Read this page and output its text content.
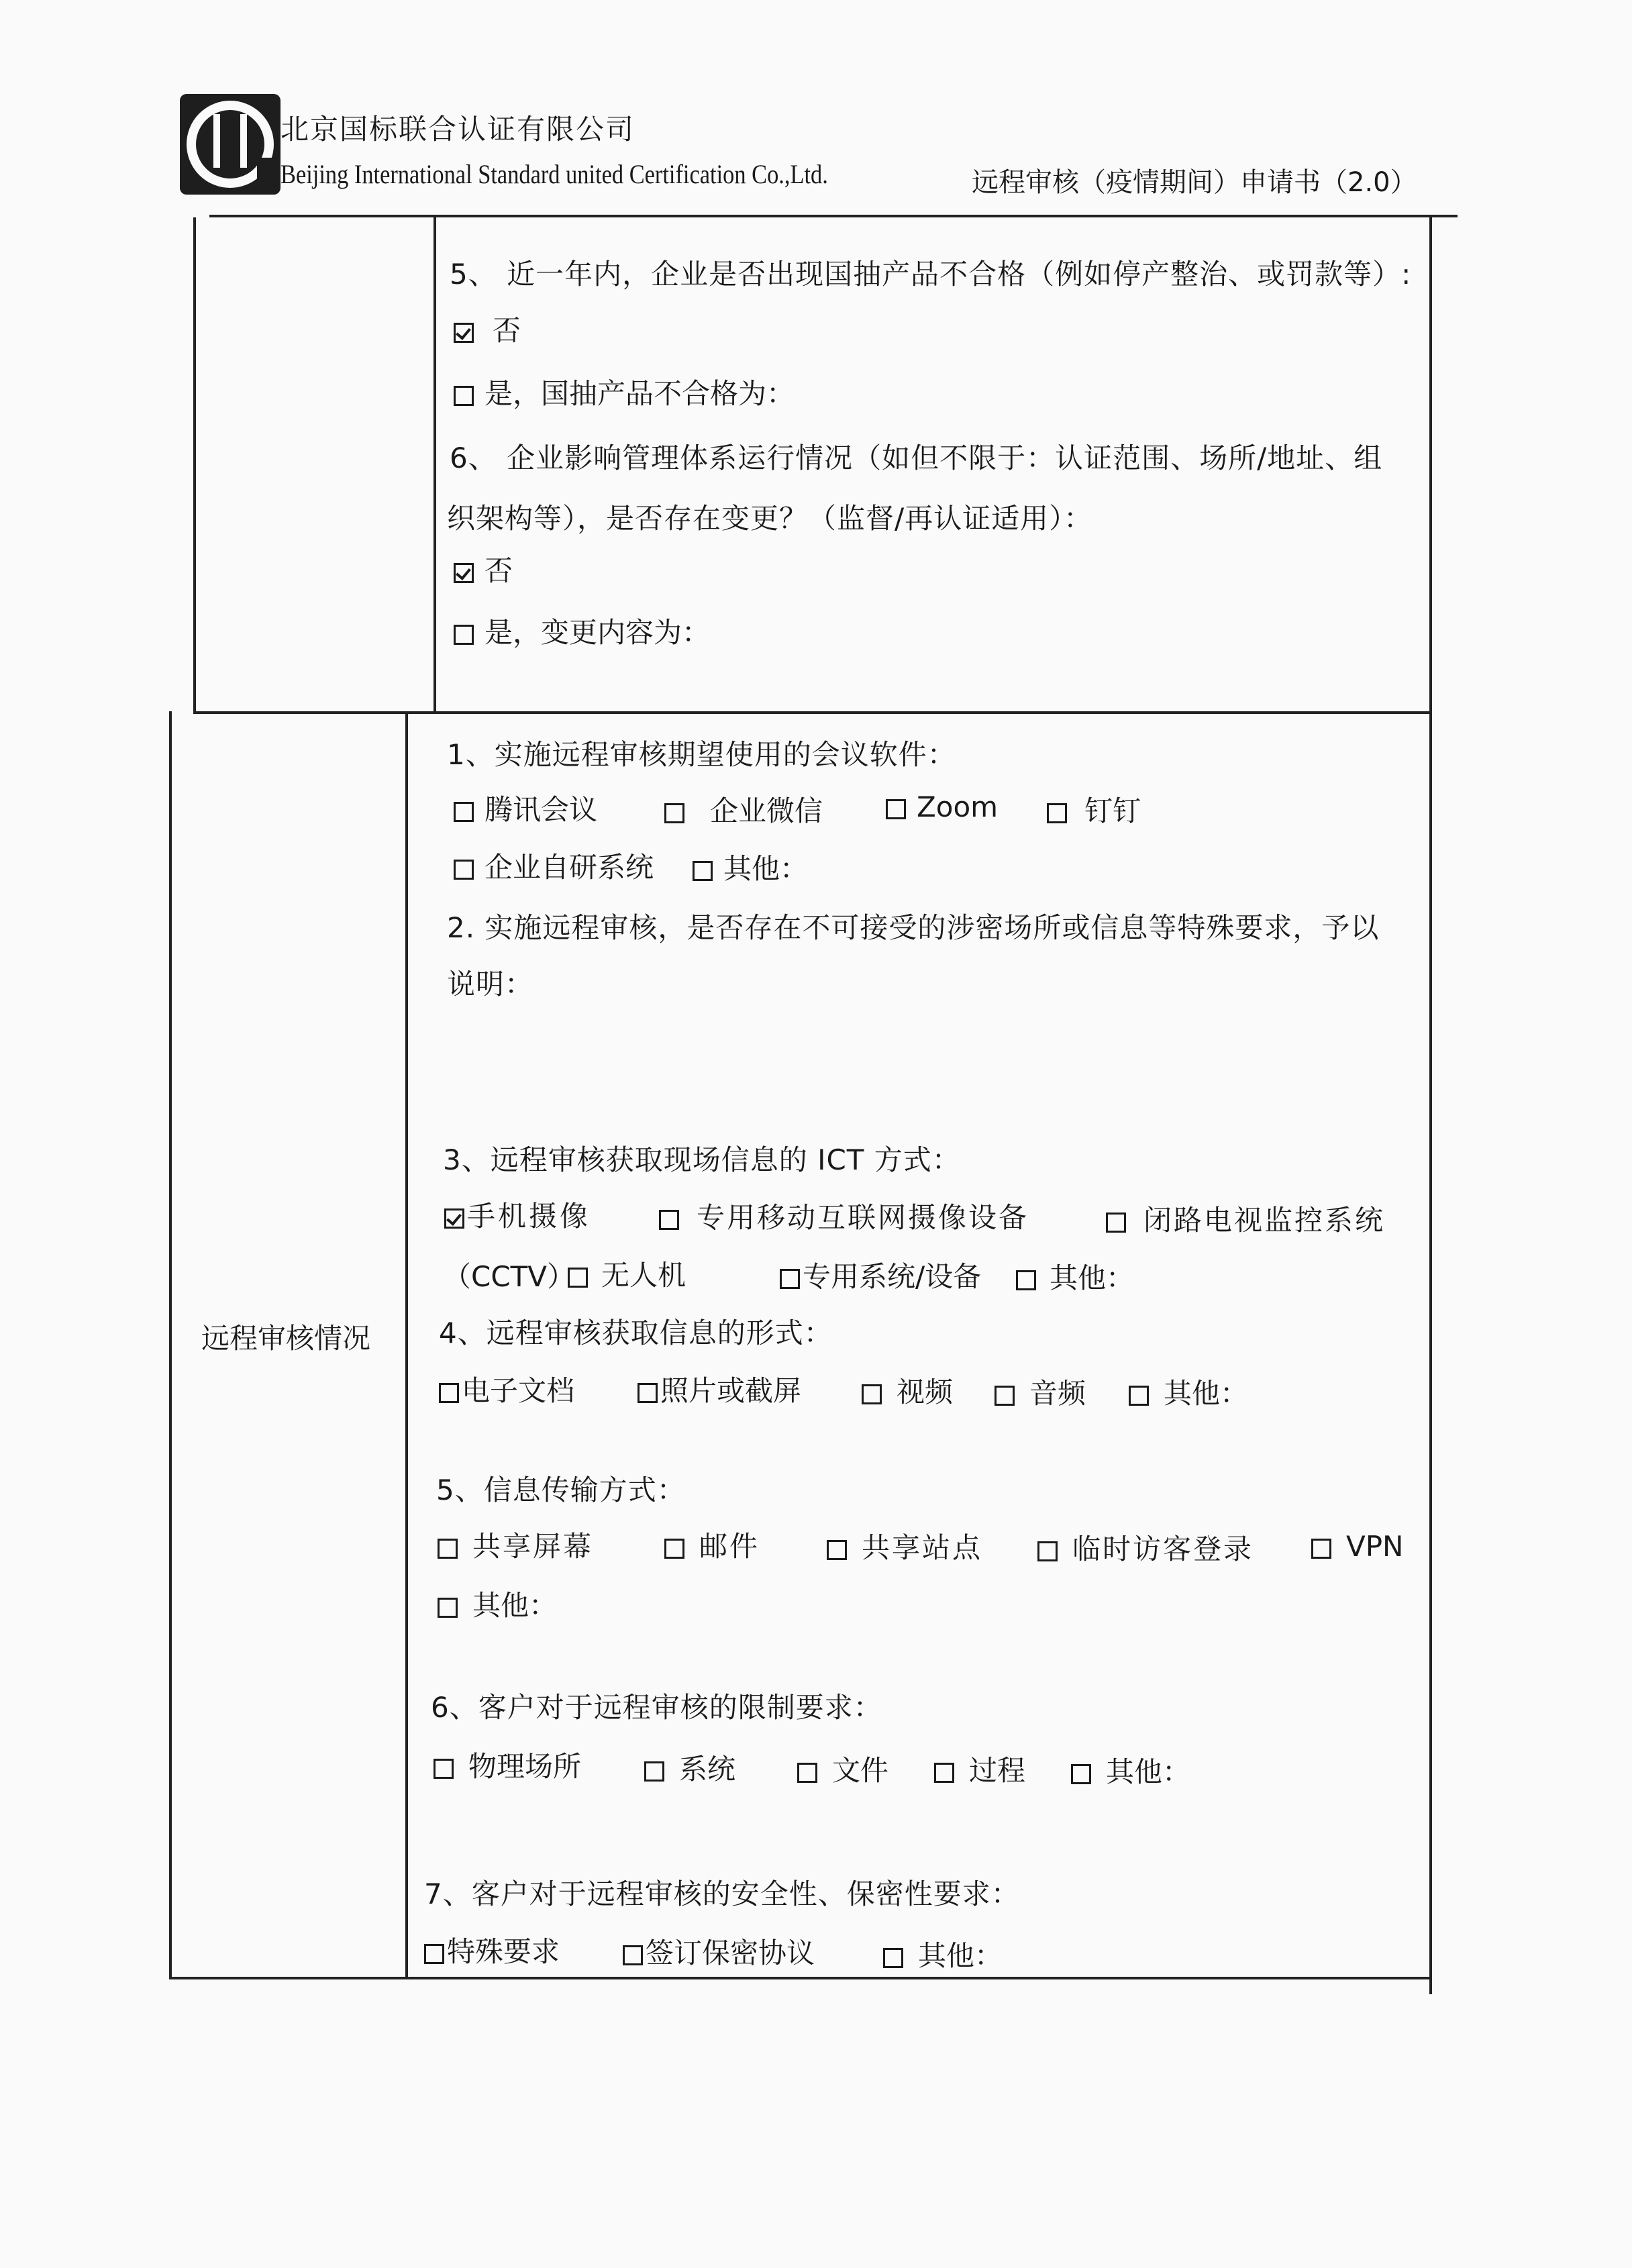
北京国标联合认证有限公司
Beijing International Standard united Certification Co.,Ltd.	远程审核（疫情期间）申请书（2.0）
5、 近一年内，企业是否出现国抽产品不合格（例如停产整治、或罚款等）:
否
是，国抽产品不合格为：
6、 企业影响管理体系运行情况（如但不限于：认证范围、场所/地址、组
织架构等），是否存在变更？（监督/再认证适用）：
否
是，变更内容为：
远程审核情况
1、实施远程审核期望使用的会议软件：
腾讯会议	企业微信	Zoom	钉钉
企业自研系统	其他：
2. 实施远程审核，是否存在不可接受的涉密场所或信息等特殊要求，予以
说明：
3、远程审核获取现场信息的 ICT 方式：
手机摄像	专用移动互联网摄像设备	闭路电视监控系统
（CCTV） 无人机	专用系统/设备	其他：
4、远程审核获取信息的形式：
电子文档	照片或截屏	视频	音频	其他：
5、信息传输方式：
共享屏幕	邮件	共享站点	临时访客登录	VPN
其他：
6、客户对于远程审核的限制要求：
物理场所	系统	文件	过程	其他：
7、客户对于远程审核的安全性、保密性要求：
特殊要求	签订保密协议	其他：
